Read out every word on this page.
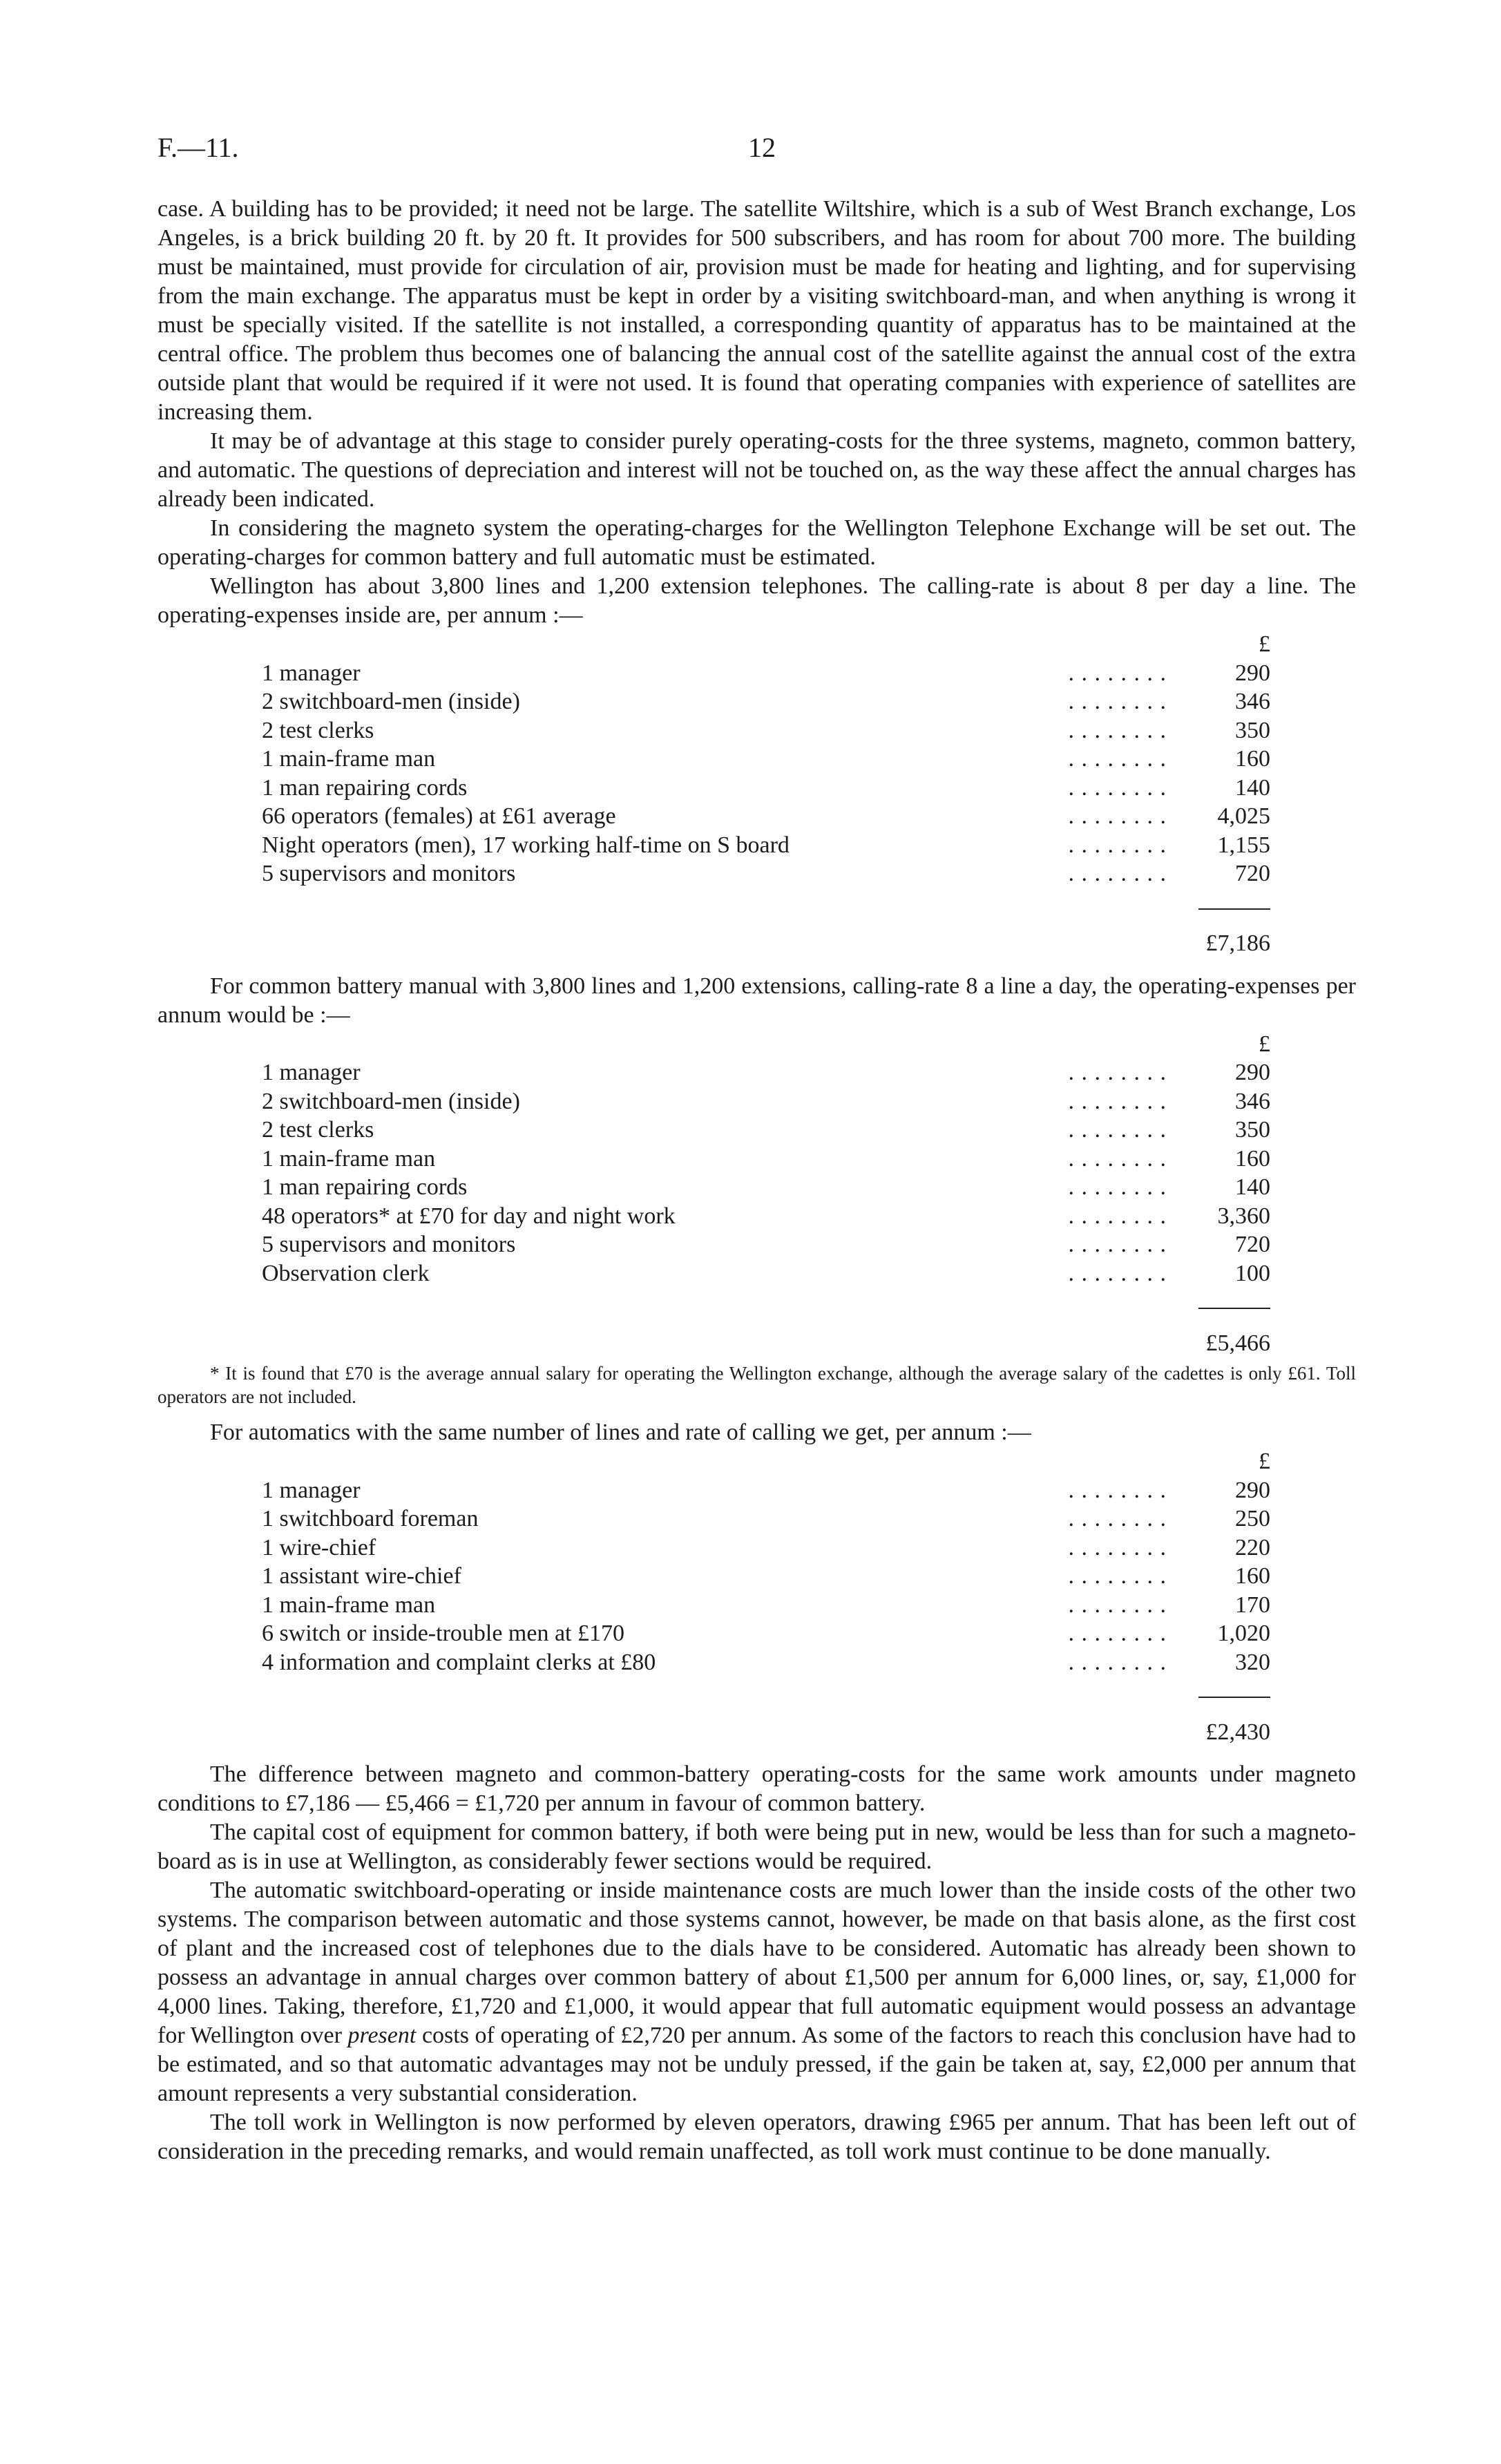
F.—11.	12

case. A building has to be provided; it need not be large. The satellite Wiltshire, which is a sub of West Branch exchange, Los Angeles, is a brick building 20 ft. by 20 ft. It provides for 500 subscribers, and has room for about 700 more. The building must be maintained, must provide for circulation of air, provision must be made for heating and lighting, and for supervising from the main exchange. The apparatus must be kept in order by a visiting switchboard-man, and when anything is wrong it must be specially visited. If the satellite is not installed, a corresponding quantity of apparatus has to be maintained at the central office. The problem thus becomes one of balancing the annual cost of the satellite against the annual cost of the extra outside plant that would be required if it were not used. It is found that operating companies with experience of satellites are increasing them.

It may be of advantage at this stage to consider purely operating-costs for the three systems, magneto, common battery, and automatic. The questions of depreciation and interest will not be touched on, as the way these affect the annual charges has already been indicated.

In considering the magneto system the operating-charges for the Wellington Telephone Exchange will be set out. The operating-charges for common battery and full automatic must be estimated.

Wellington has about 3,800 lines and 1,200 extension telephones. The calling-rate is about 8 per day a line. The operating-expenses inside are, per annum :—

		£
1 manager	. . . . . . . .	290
2 switchboard-men (inside)	. . . . . . . .	346
2 test clerks	. . . . . . . .	350
1 main-frame man	. . . . . . . .	160
1 man repairing cords	. . . . . . . .	140
66 operators (females) at £61 average	. . . . . . . .	4,025
Night operators (men), 17 working half-time on S board	. . . . . . . .	1,155
5 supervisors and monitors	. . . . . . . .	720

		£7,186

For common battery manual with 3,800 lines and 1,200 extensions, calling-rate 8 a line a day, the operating-expenses per annum would be :—

		£
1 manager	. . . . . . . .	290
2 switchboard-men (inside)	. . . . . . . .	346
2 test clerks	. . . . . . . .	350
1 main-frame man	. . . . . . . .	160
1 man repairing cords	. . . . . . . .	140
48 operators* at £70 for day and night work	. . . . . . . .	3,360
5 supervisors and monitors	. . . . . . . .	720
Observation clerk	. . . . . . . .	100

		£5,466

* It is found that £70 is the average annual salary for operating the Wellington exchange, although the average salary of the cadettes is only £61. Toll operators are not included.

For automatics with the same number of lines and rate of calling we get, per annum :—

		£
1 manager	. . . . . . . .	290
1 switchboard foreman	. . . . . . . .	250
1 wire-chief	. . . . . . . .	220
1 assistant wire-chief	. . . . . . . .	160
1 main-frame man	. . . . . . . .	170
6 switch or inside-trouble men at £170	. . . . . . . .	1,020
4 information and complaint clerks at £80	. . . . . . . .	320

		£2,430

The difference between magneto and common-battery operating-costs for the same work amounts under magneto conditions to £7,186 — £5,466 = £1,720 per annum in favour of common battery.

The capital cost of equipment for common battery, if both were being put in new, would be less than for such a magneto-board as is in use at Wellington, as considerably fewer sections would be required.

The automatic switchboard-operating or inside maintenance costs are much lower than the inside costs of the other two systems. The comparison between automatic and those systems cannot, however, be made on that basis alone, as the first cost of plant and the increased cost of telephones due to the dials have to be considered. Automatic has already been shown to possess an advantage in annual charges over common battery of about £1,500 per annum for 6,000 lines, or, say, £1,000 for 4,000 lines. Taking, therefore, £1,720 and £1,000, it would appear that full automatic equipment would possess an advantage for Wellington over present costs of operating of £2,720 per annum. As some of the factors to reach this conclusion have had to be estimated, and so that automatic advantages may not be unduly pressed, if the gain be taken at, say, £2,000 per annum that amount represents a very substantial consideration.

The toll work in Wellington is now performed by eleven operators, drawing £965 per annum. That has been left out of consideration in the preceding remarks, and would remain unaffected, as toll work must continue to be done manually.
